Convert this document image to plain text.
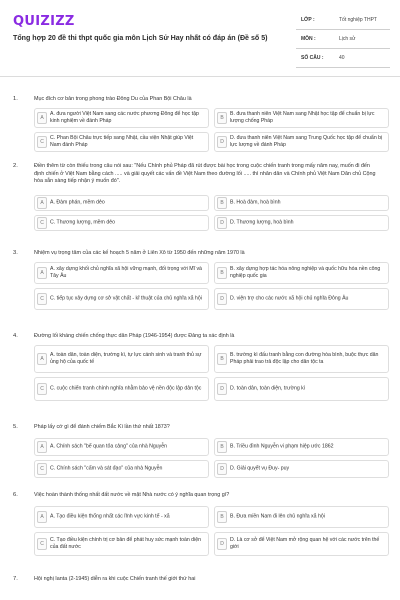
QUIZIZZ
Tổng hợp 20 đề thi thpt quốc gia môn Lịch Sử Hay nhất có đáp án (Đề số 5)
LỚP :	Tốt nghiệp THPT
MÔN :	Lịch sử
SỐ CÂU :	40
1.	Mục đích cơ bản trong phong trào Đông Du của Phan Bội Châu là
A
A. đưa người Việt Nam sang các nước phương Đông để học tập kinh nghiệm về đánh Pháp	B
B. đưa thanh niên Việt Nam sang Nhật học tập để chuẩn bị lực lượng chống Pháp
C
C. Phan Bội Châu trực tiếp sang Nhật, cầu viện Nhật giúp Việt Nam đánh Pháp	D
D. đưa thanh niên Việt Nam sang Trung Quốc học tập để chuẩn bị lực lượng về đánh Pháp
2.	Điền thêm từ còn thiếu trong câu nói sau: "Nếu Chính phủ Pháp đã rút được bài học trong cuộc chiến tranh trong mấy năm nay, muốn đi đến định chiến ở Việt Nam bằng cách ..... và giải quyết các vấn đề Việt Nam theo đường lối ..... thì nhân dân và Chính phủ Việt Nam Dân chủ Cộng hòa sẵn sàng tiếp nhận ý muốn đó".
A	A. Đàm phán, mềm dẻo	B	B. Hoà đàm, hoà bình
C	C. Thương lượng, mềm dẻo	D	D. Thương lượng, hoà bình
3.	Nhiệm vụ trọng tâm của các kế hoạch 5 năm ở Liên Xô từ 1950 đến những năm 1970 là
A
A. xây dựng khối chủ nghĩa xã hội vững mạnh, đối trọng với Mĩ và Tây Âu	B
B. xây dựng hợp tác hóa nông nghiệp và quốc hữu hóa nền công nghiệp quốc gia
C	C. tiếp tục xây dựng cơ sở vật chất - kĩ thuật của chủ nghĩa xã hội	D	D. viện trợ cho các nước xã hội chủ nghĩa Đông Âu
4.	Đường lối kháng chiến chống thực dân Pháp (1946-1954) được Đảng ta xác định là
A
A. toàn dân, toàn diện, trường kì, tự lực cánh sinh và tranh thủ sự ủng hộ của quốc tế	B
B. trường kì đấu tranh bằng con đường hòa bình, buộc thực dân Pháp phải trao trả độc lập cho dân tộc ta
C	C. cuộc chiến tranh chính nghĩa nhằm bảo vệ nền độc lập dân tộc	D	D. toàn dân, toàn diện, trường kì
5.	Pháp lấy cớ gì để đánh chiếm Bắc Kì lần thứ nhất 1873?
A	A. Chính sách "bế quan tỏa cảng" của nhà Nguyễn	B	B. Triều đình Nguyễn vi phạm hiệp ước 1862
C	C. Chính sách "cấm và sát đạo" của nhà Nguyễn	D	D. Giải quyết vụ Đuy- puy
6.	Việc hoàn thành thống nhất đất nước về mặt Nhà nước có ý nghĩa quan trọng gì?
A	A. Tạo điều kiện thống nhất các lĩnh vực kinh tế - xã	B	B. Đưa miền Nam đi lên chủ nghĩa xã hội
C
C. Tạo điều kiện chính trị cơ bản để phát huy sức mạnh toàn diện của đất nước	D
D. Là cơ sở để Việt Nam mở rộng quan hệ với các nước trên thế giới
7.	Hội nghị Ianta (2-1945) diễn ra khi cuộc Chiến tranh thế giới thứ hai
